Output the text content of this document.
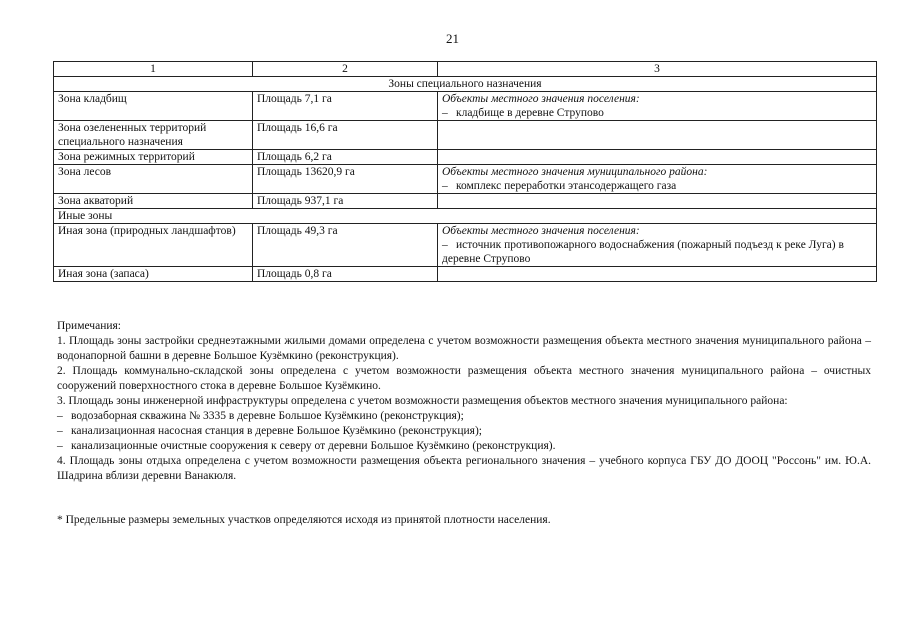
21
1	2	3
Зоны специального назначения		
Зона кладбищ	Площадь 7,1 га	Объекты местного значения поселения:
– кладбище в деревне Струпово

Зона озелененных территорий специального назначения	Площадь 16,6 га	
Зона режимных территорий	Площадь 6,2 га	
Зона лесов	Площадь 13620,9 га	Объекты местного значения муниципального района:
– комплекс переработки этансодержащего газа

Зона акваторий	Площадь 937,1 га	
Иные зоны		
Иная зона (природных ландшафтов)	Площадь 49,3 га	Объекты местного значения поселения:
– источник противопожарного водоснабжения (пожарный подъезд к реке Луга) в деревне Струпово

Иная зона (запаса)	Площадь 0,8 га	

Примечания:

1. Площадь зоны застройки среднеэтажными жилыми домами определена с учетом возможности размещения объекта местного значения муниципального района – водонапорной башни в деревне Большое Кузёмкино (реконструкция).

2. Площадь коммунально-складской зоны определена с учетом возможности размещения объекта местного значения муниципального района – очистных сооружений поверхностного стока в деревне Большое Кузёмкино.

3. Площадь зоны инженерной инфраструктуры определена с учетом возможности размещения объектов местного значения муниципального района:

– водозаборная скважина № 3335 в деревне Большое Кузёмкино (реконструкция);
– канализационная насосная станция в деревне Большое Кузёмкино (реконструкция);
– канализационные очистные сооружения к северу от деревни Большое Кузёмкино (реконструкция).

4. Площадь зоны отдыха определена с учетом возможности размещения объекта регионального значения – учебного корпуса ГБУ ДО ДООЦ "Россонь" им. Ю.А. Шадрина вблизи деревни Ванакюля.

* Предельные размеры земельных участков определяются исходя из принятой плотности населения.
